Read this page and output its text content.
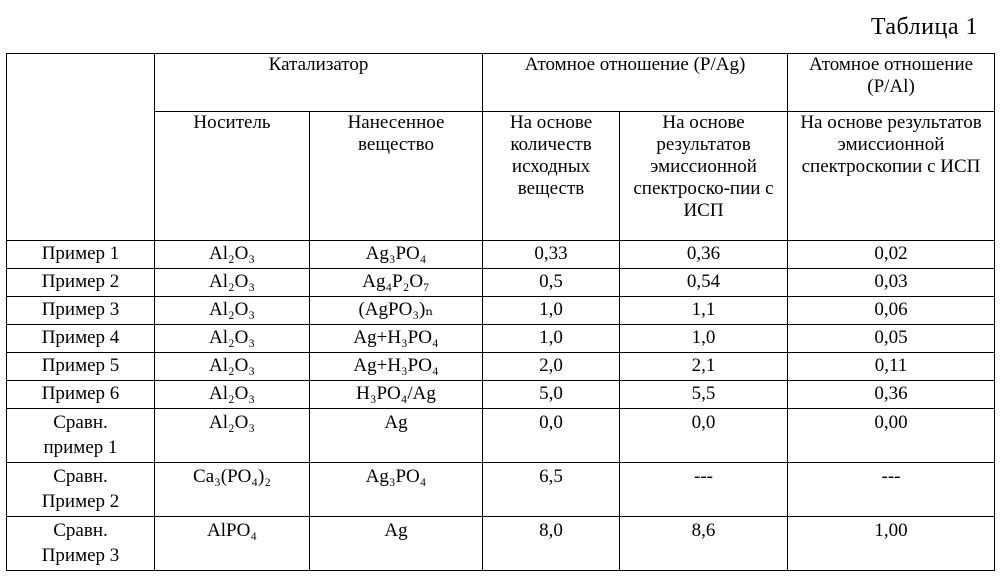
Таблица 1
	Катализатор		Атомное отношение (P/Ag)		Атомное отношение (P/Al)
	Носитель	Нанесенное вещество	На основе количеств исходных веществ	На основе результатов эмиссионной спектроско-пии с ИСП	На основе результатов эмиссионной спектроскопии с ИСП
Пример 1	Al₂O₃	Ag₃PO₄	0,33	0,36	0,02
Пример 2	Al₂O₃	Ag₄P₂O₇	0,5	0,54	0,03
Пример 3	Al₂O₃	(AgPO₃)ₙ	1,0	1,1	0,06
Пример 4	Al₂O₃	Ag+H₃PO₄	1,0	1,0	0,05
Пример 5	Al₂O₃	Ag+H₃PO₄	2,0	2,1	0,11
Пример 6	Al₂O₃	H₃PO₄/Ag	5,0	5,5	0,36
Сравн.
пример 1	Al₂O₃	Ag	0,0	0,0	0,00
Сравн.
Пример 2	Ca₃(PO₄)₂	Ag₃PO₄	6,5	---	---
Сравн.
Пример 3	AlPO₄	Ag	8,0	8,6	1,00
